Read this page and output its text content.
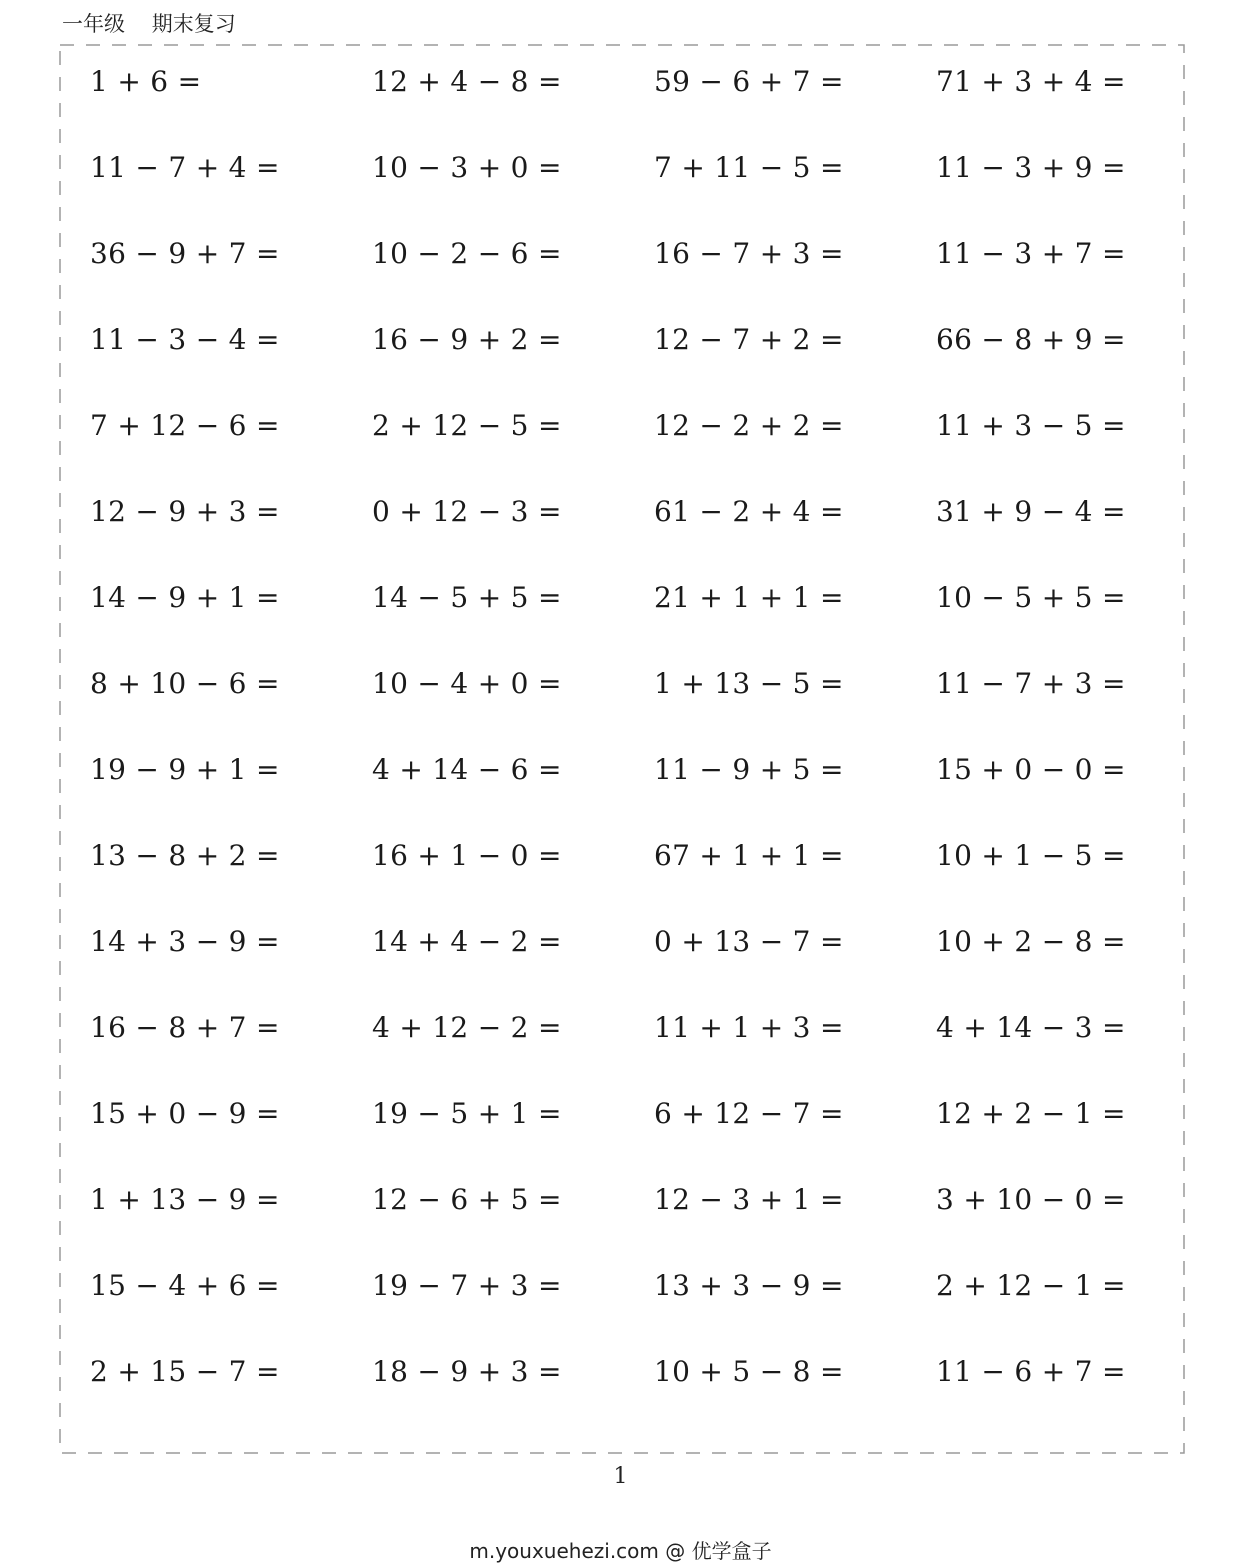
一年级 期末复习
1 + 6 =	12 + 4 − 8 =	59 − 6 + 7 =	71 + 3 + 4 =
11 − 7 + 4 =	10 − 3 + 0 =	7 + 11 − 5 =	11 − 3 + 9 =
36 − 9 + 7 =	10 − 2 − 6 =	16 − 7 + 3 =	11 − 3 + 7 =
11 − 3 − 4 =	16 − 9 + 2 =	12 − 7 + 2 =	66 − 8 + 9 =
7 + 12 − 6 =	2 + 12 − 5 =	12 − 2 + 2 =	11 + 3 − 5 =
12 − 9 + 3 =	0 + 12 − 3 =	61 − 2 + 4 =	31 + 9 − 4 =
14 − 9 + 1 =	14 − 5 + 5 =	21 + 1 + 1 =	10 − 5 + 5 =
8 + 10 − 6 =	10 − 4 + 0 =	1 + 13 − 5 =	11 − 7 + 3 =
19 − 9 + 1 =	4 + 14 − 6 =	11 − 9 + 5 =	15 + 0 − 0 =
13 − 8 + 2 =	16 + 1 − 0 =	67 + 1 + 1 =	10 + 1 − 5 =
14 + 3 − 9 =	14 + 4 − 2 =	0 + 13 − 7 =	10 + 2 − 8 =
16 − 8 + 7 =	4 + 12 − 2 =	11 + 1 + 3 =	4 + 14 − 3 =
15 + 0 − 9 =	19 − 5 + 1 =	6 + 12 − 7 =	12 + 2 − 1 =
1 + 13 − 9 =	12 − 6 + 5 =	12 − 3 + 1 =	3 + 10 − 0 =
15 − 4 + 6 =	19 − 7 + 3 =	13 + 3 − 9 =	2 + 12 − 1 =
2 + 15 − 7 =	18 − 9 + 3 =	10 + 5 − 8 =	11 − 6 + 7 =
1
m.youxuehezi.com @ 优学盒子
